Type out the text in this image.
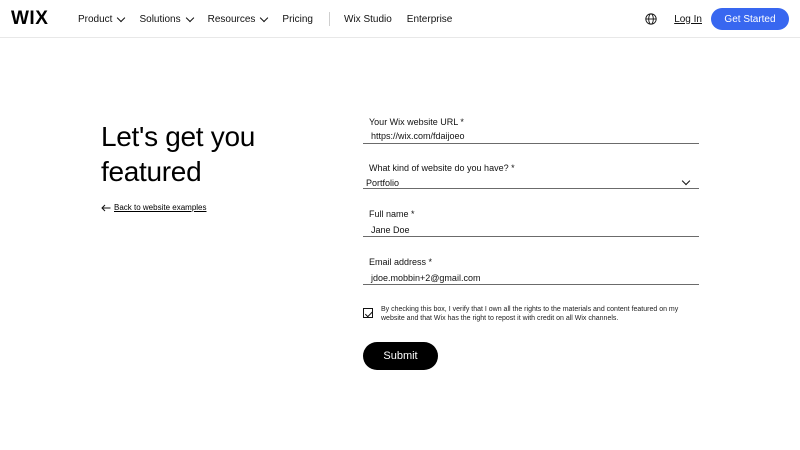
WIX	Product	Solutions	Resources	Pricing	Wix Studio Enterprise	Log In	Get Started
Let's get you featured
Back to website examples
Your Wix website URL *
https://wix.com/fdaijoeo
What kind of website do you have? *
Portfolio
Full name *
Jane Doe
Email address *
jdoe.mobbin+2@gmail.com
By checking this box, I verify that I own all the rights to the materials and content featured on my website and that Wix has the right to repost it with credit on all Wix channels.
Submit
